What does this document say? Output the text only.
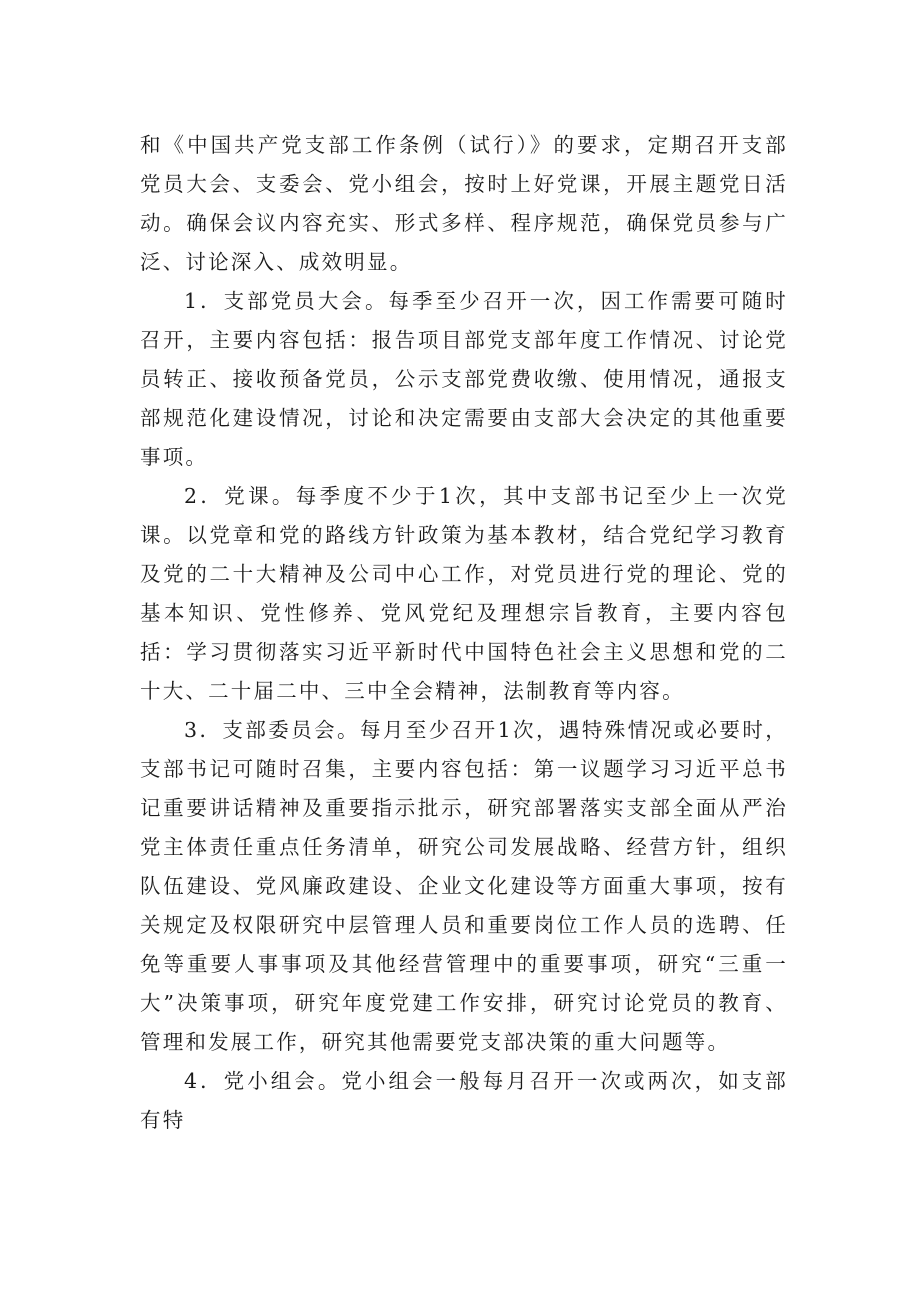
和《中国共产党支部工作条例（试行）》的要求，定期召开支部党员大会、支委会、党小组会，按时上好党课，开展主题党日活动。确保会议内容充实、形式多样、程序规范，确保党员参与广泛、讨论深入、成效明显。

1．支部党员大会。每季至少召开一次，因工作需要可随时召开，主要内容包括：报告项目部党支部年度工作情况、讨论党员转正、接收预备党员，公示支部党费收缴、使用情况，通报支部规范化建设情况，讨论和决定需要由支部大会决定的其他重要事项。

2．党课。每季度不少于1次，其中支部书记至少上一次党课。以党章和党的路线方针政策为基本教材，结合党纪学习教育及党的二十大精神及公司中心工作，对党员进行党的理论、党的基本知识、党性修养、党风党纪及理想宗旨教育，主要内容包括：学习贯彻落实习近平新时代中国特色社会主义思想和党的二十大、二十届二中、三中全会精神，法制教育等内容。

3．支部委员会。每月至少召开1次，遇特殊情况或必要时，支部书记可随时召集，主要内容包括：第一议题学习习近平总书记重要讲话精神及重要指示批示，研究部署落实支部全面从严治党主体责任重点任务清单，研究公司发展战略、经营方针，组织队伍建设、党风廉政建设、企业文化建设等方面重大事项，按有关规定及权限研究中层管理人员和重要岗位工作人员的选聘、任免等重要人事事项及其他经营管理中的重要事项，研究“三重一大”决策事项，研究年度党建工作安排，研究讨论党员的教育、管理和发展工作，研究其他需要党支部决策的重大问题等。

4．党小组会。党小组会一般每月召开一次或两次，如支部有特
